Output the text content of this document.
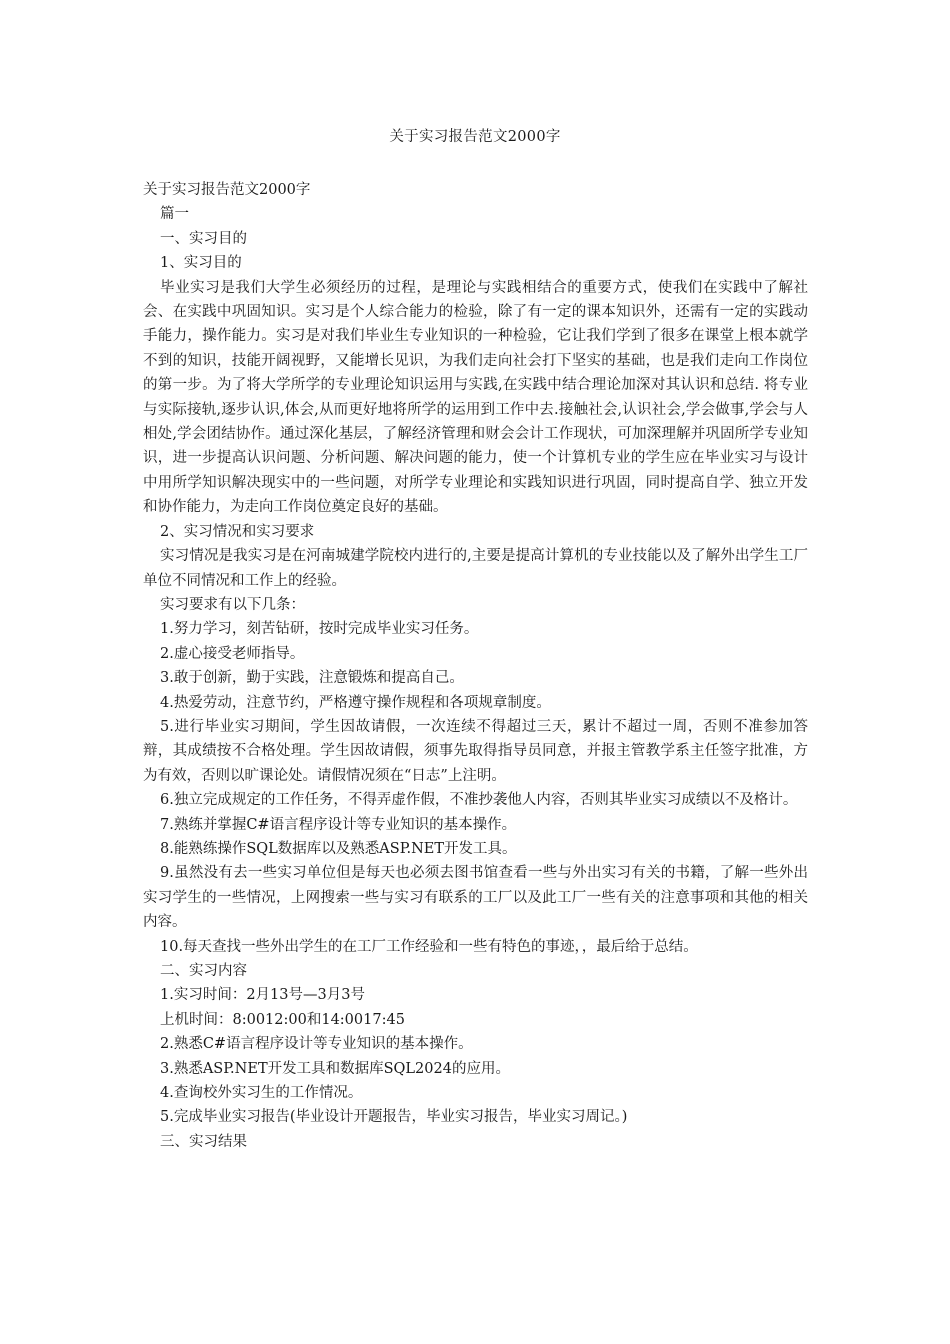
关于实习报告范文2000字

关于实习报告范文2000字

篇一

一、实习目的

1、实习目的

毕业实习是我们大学生必须经历的过程，是理论与实践相结合的重要方式，使我们在实践中了解社会、在实践中巩固知识。实习是个人综合能力的检验，除了有一定的课本知识外，还需有一定的实践动手能力，操作能力。实习是对我们毕业生专业知识的一种检验，它让我们学到了很多在课堂上根本就学不到的知识，技能开阔视野，又能增长见识，为我们走向社会打下坚实的基础，也是我们走向工作岗位的第一步。为了将大学所学的专业理论知识运用与实践,在实践中结合理论加深对其认识和总结. 将专业与实际接轨,逐步认识,体会,从而更好地将所学的运用到工作中去.接触社会,认识社会,学会做事,学会与人相处,学会团结协作。通过深化基层，了解经济管理和财会会计工作现状，可加深理解并巩固所学专业知识，进一步提高认识问题、分析问题、解决问题的能力，使一个计算机专业的学生应在毕业实习与设计中用所学知识解决现实中的一些问题，对所学专业理论和实践知识进行巩固，同时提高自学、独立开发和协作能力，为走向工作岗位奠定良好的基础。

2、实习情况和实习要求

实习情况是我实习是在河南城建学院校内进行的,主要是提高计算机的专业技能以及了解外出学生工厂单位不同情况和工作上的经验。

实习要求有以下几条：

1.努力学习，刻苦钻研，按时完成毕业实习任务。

2.虚心接受老师指导。

3.敢于创新，勤于实践，注意锻炼和提高自己。

4.热爱劳动，注意节约，严格遵守操作规程和各项规章制度。

5.进行毕业实习期间，学生因故请假，一次连续不得超过三天，累计不超过一周，否则不准参加答辩，其成绩按不合格处理。学生因故请假，须事先取得指导员同意，并报主管教学系主任签字批准，方为有效，否则以旷课论处。请假情况须在“日志”上注明。

6.独立完成规定的工作任务，不得弄虚作假，不准抄袭他人内容，否则其毕业实习成绩以不及格计。

7.熟练并掌握C#语言程序设计等专业知识的基本操作。

8.能熟练操作SQL数据库以及熟悉ASP.NET开发工具。

9.虽然没有去一些实习单位但是每天也必须去图书馆查看一些与外出实习有关的书籍，了解一些外出实习学生的一些情况，上网搜索一些与实习有联系的工厂以及此工厂一些有关的注意事项和其他的相关内容。

10.每天查找一些外出学生的在工厂工作经验和一些有特色的事迹，，最后给于总结。

二、实习内容

1.实习时间：2月13号—3月3号

上机时间：8:0012:00和14:0017:45

2.熟悉C#语言程序设计等专业知识的基本操作。

3.熟悉ASP.NET开发工具和数据库SQL2024的应用。

4.查询校外实习生的工作情况。

5.完成毕业实习报告(毕业设计开题报告，毕业实习报告，毕业实习周记。)

三、实习结果
